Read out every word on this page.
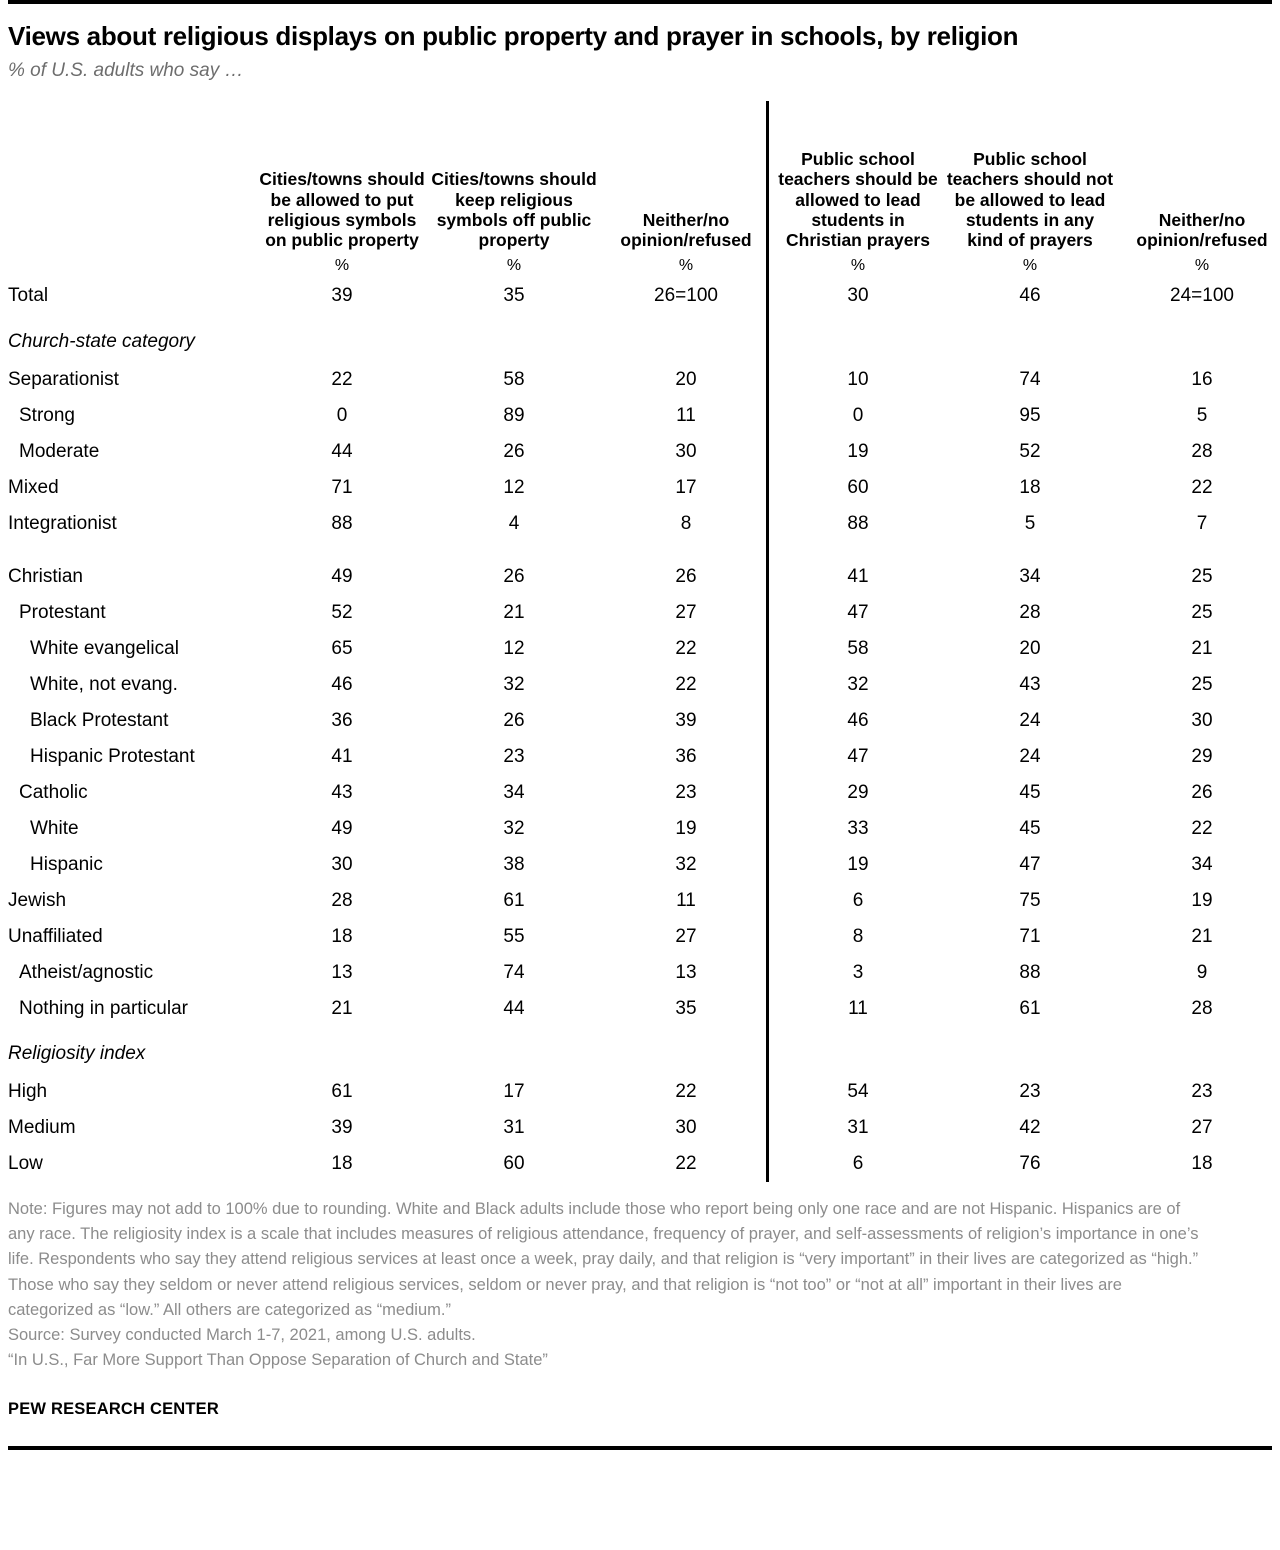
Views about religious displays on public property and prayer in schools, by religion
% of U.S. adults who say …
	Cities/towns should be allowed to put religious symbols on public property	Cities/towns should keep religious symbols off public property	Neither/no opinion/refused	Public school teachers should be allowed to lead students in Christian prayers	Public school teachers should not be allowed to lead students in any kind of prayers	Neither/no opinion/refused
	%	%	%	%	%	%
Total	39	35	26=100	30	46	24=100
Church-state category						
Separationist	22	58	20	10	74	16
Strong	0	89	11	0	95	5
Moderate	44	26	30	19	52	28
Mixed	71	12	17	60	18	22
Integrationist	88	4	8	88	5	7

Christian	49	26	26	41	34	25
Protestant	52	21	27	47	28	25
White evangelical	65	12	22	58	20	21
White, not evang.	46	32	22	32	43	25
Black Protestant	36	26	39	46	24	30
Hispanic Protestant	41	23	36	47	24	29
Catholic	43	34	23	29	45	26
White	49	32	19	33	45	22
Hispanic	30	38	32	19	47	34
Jewish	28	61	11	6	75	19
Unaffiliated	18	55	27	8	71	21
Atheist/agnostic	13	74	13	3	88	9
Nothing in particular	21	44	35	11	61	28
Religiosity index						
High	61	17	22	54	23	23
Medium	39	31	30	31	42	27
Low	18	60	22	6	76	18
Note: Figures may not add to 100% due to rounding. White and Black adults include those who report being only one race and are not Hispanic. Hispanics are of any race. The religiosity index is a scale that includes measures of religious attendance, frequency of prayer, and self-assessments of religion’s importance in one’s life. Respondents who say they attend religious services at least once a week, pray daily, and that religion is “very important” in their lives are categorized as “high.” Those who say they seldom or never attend religious services, seldom or never pray, and that religion is “not too” or “not at all” important in their lives are categorized as “low.” All others are categorized as “medium.”
Source: Survey conducted March 1-7, 2021, among U.S. adults.
“In U.S., Far More Support Than Oppose Separation of Church and State”
PEW RESEARCH CENTER
